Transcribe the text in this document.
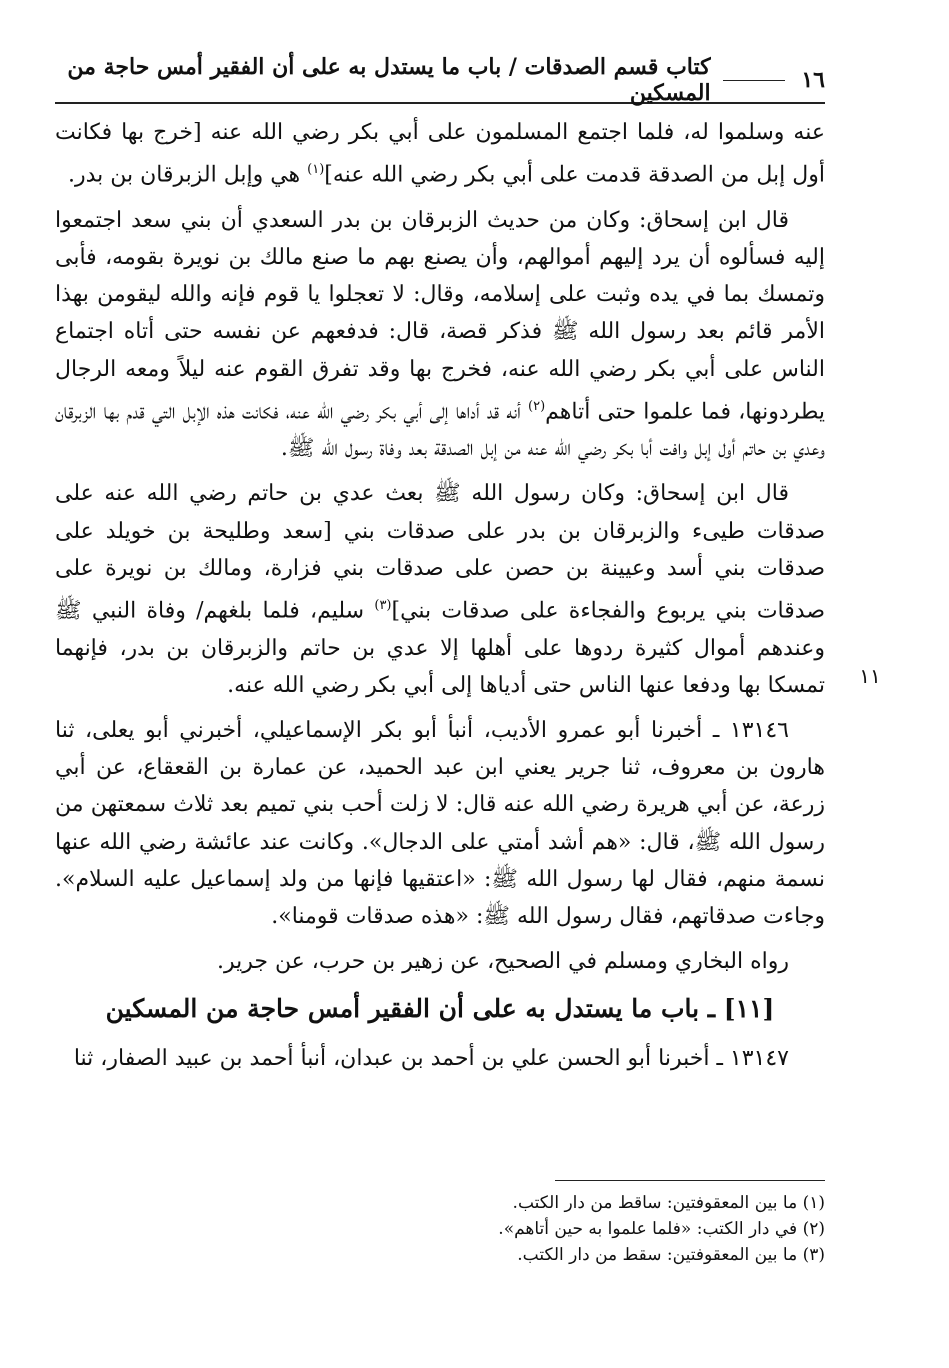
١٦
كتاب قسم الصدقات / باب ما يستدل به على أن الفقير أمس حاجة من المسكين
١١

عنه وسلموا له، فلما اجتمع المسلمون على أبي بكر رضي الله عنه [خرج بها فكانت أول إبل من الصدقة قدمت على أبي بكر رضي الله عنه]$^{(١)}$ هي وإبل الزبرقان بن بدر.

قال ابن إسحاق: وكان من حديث الزبرقان بن بدر السعدي أن بني سعد اجتمعوا إليه فسألوه أن يرد إليهم أموالهم، وأن يصنع بهم ما صنع مالك بن نويرة بقومه، فأبى وتمسك بما في يده وثبت على إسلامه، وقال: لا تعجلوا يا قوم فإنه والله ليقومن بهذا الأمر قائم بعد رسول الله ﷺ فذكر قصة، قال: فدفعهم عن نفسه حتى أتاه اجتماع الناس على أبي بكر رضي الله عنه، فخرج بها وقد تفرق القوم عنه ليلاً ومعه الرجال يطردونها، فما علموا حتى أتاهم$^{(٢)}$ أنه قد أداها إلى أبي بكر رضي الله عنه، فكانت هذه الإبل التي قدم بها الزبرقان وعدي بن حاتم أول إبل وافت أبا بكر رضي الله عنه من إبل الصدقة بعد وفاة رسول الله ﷺ.

قال ابن إسحاق: وكان رسول الله ﷺ بعث عدي بن حاتم رضي الله عنه على صدقات طيىء والزبرقان بن بدر على صدقات بني [سعد وطليحة بن خويلد على صدقات بني أسد وعيينة بن حصن على صدقات بني فزارة، ومالك بن نويرة على صدقات بني يربوع والفجاءة على صدقات بني]$^{(٣)}$ سليم، فلما بلغهم/ وفاة النبي ﷺ وعندهم أموال كثيرة ردوها على أهلها إلا عدي بن حاتم والزبرقان بن بدر، فإنهما تمسكا بها ودفعا عنها الناس حتى أدياها إلى أبي بكر رضي الله عنه.

١٣١٤٦ ـ أخبرنا أبو عمرو الأديب، أنبأ أبو بكر الإسماعيلي، أخبرني أبو يعلى، ثنا هارون بن معروف، ثنا جرير يعني ابن عبد الحميد، عن عمارة بن القعقاع، عن أبي زرعة، عن أبي هريرة رضي الله عنه قال: لا زلت أحب بني تميم بعد ثلاث سمعتهن من رسول الله ﷺ، قال: «هم أشد أمتي على الدجال». وكانت عند عائشة رضي الله عنها نسمة منهم، فقال لها رسول الله ﷺ: «اعتقيها فإنها من ولد إسماعيل عليه السلام». وجاءت صدقاتهم، فقال رسول الله ﷺ: «هذه صدقات قومنا».

رواه البخاري ومسلم في الصحيح، عن زهير بن حرب، عن جرير.

[١١] ـ باب ما يستدل به على أن الفقير أمس حاجة من المسكين

١٣١٤٧ ـ أخبرنا أبو الحسن علي بن أحمد بن عبدان، أنبأ أحمد بن عبيد الصفار، ثنا

(١) ما بين المعقوفتين: ساقط من دار الكتب.
(٢) في دار الكتب: «فلما علموا به حين أتاهم».
(٣) ما بين المعقوفتين: سقط من دار الكتب.
